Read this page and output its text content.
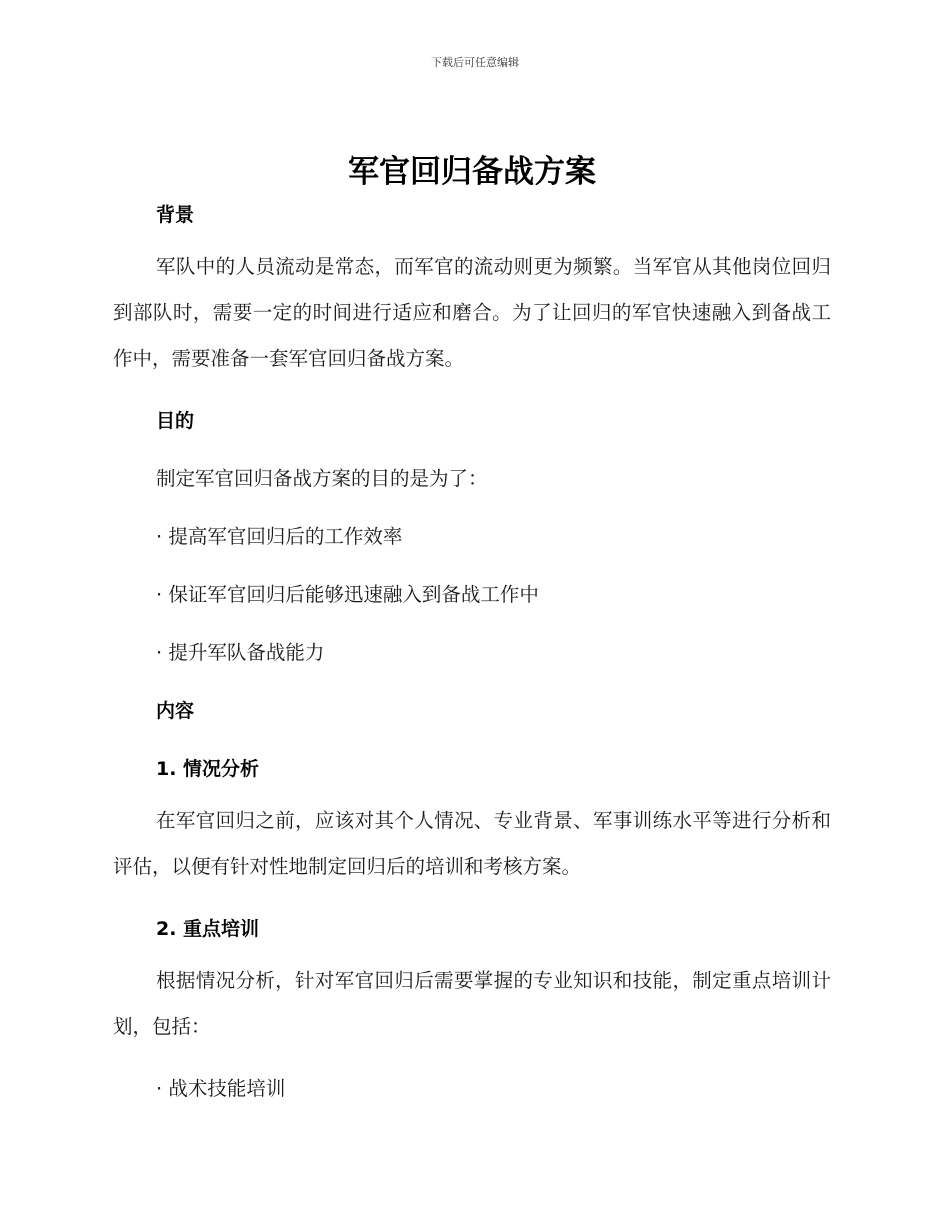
下载后可任意编辑
军官回归备战方案
背景

军队中的人员流动是常态，而军官的流动则更为频繁。当军官从其他岗位回归到部队时，需要一定的时间进行适应和磨合。为了让回归的军官快速融入到备战工作中，需要准备一套军官回归备战方案。

目的

制定军官回归备战方案的目的是为了：

· 提高军官回归后的工作效率

· 保证军官回归后能够迅速融入到备战工作中

· 提升军队备战能力

内容
1. 情况分析

在军官回归之前，应该对其个人情况、专业背景、军事训练水平等进行分析和评估，以便有针对性地制定回归后的培训和考核方案。

2. 重点培训

根据情况分析，针对军官回归后需要掌握的专业知识和技能，制定重点培训计划，包括：

· 战术技能培训
